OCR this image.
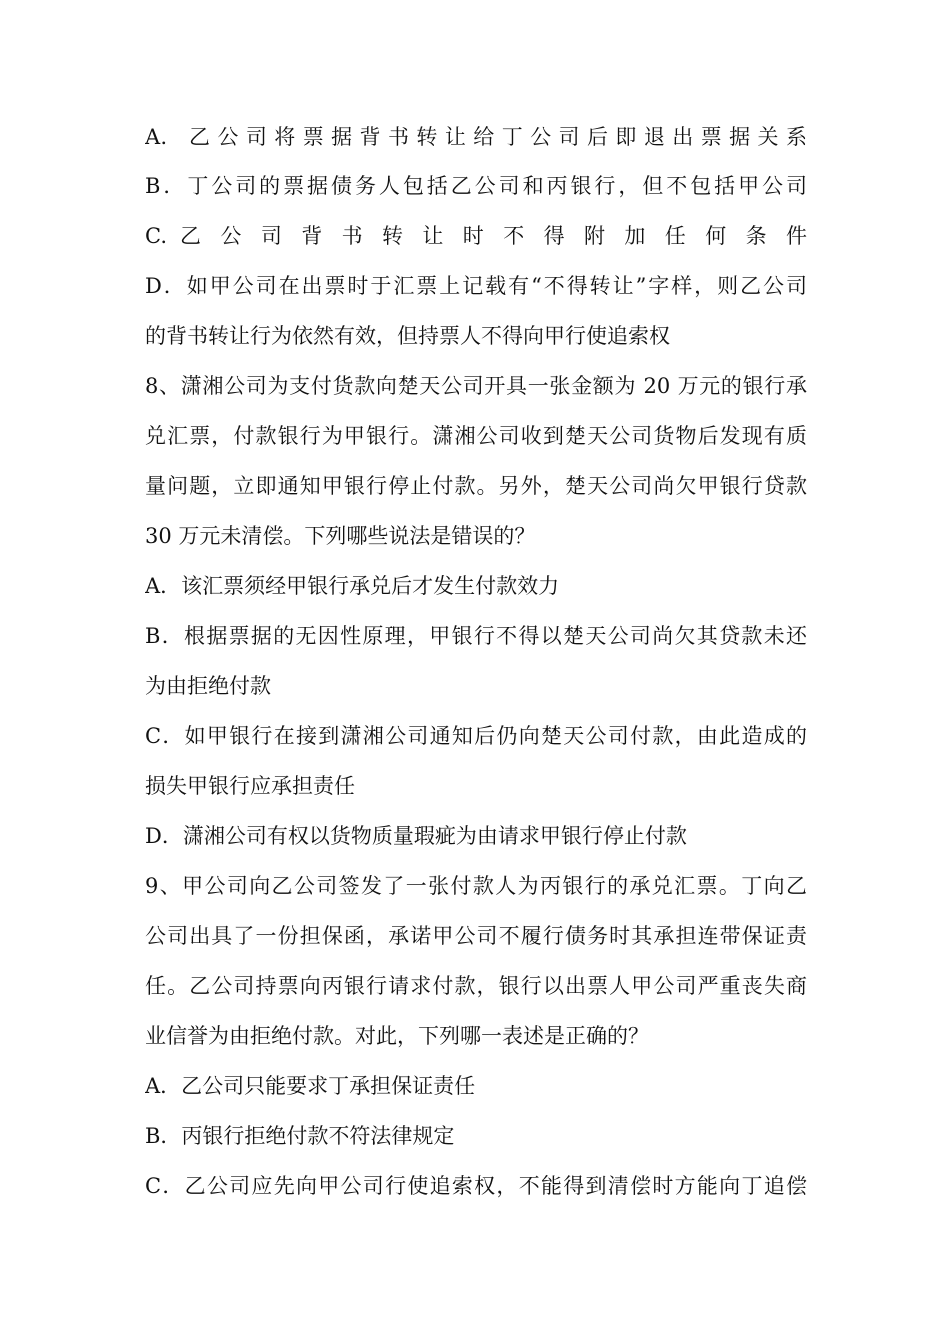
A． 乙 公 司 将 票 据 背 书 转 让 给 丁 公 司 后 即 退 出 票 据 关 系
B．丁公司的票据债务人包括乙公司和丙银行，但不包括甲公司
C. 乙 公 司 背 书 转 让 时 不 得 附 加 任 何 条 件
D．如甲公司在出票时于汇票上记载有“不得转让”字样，则乙公司
的背书转让行为依然有效，但持票人不得向甲行使追索权
8、潇湘公司为支付货款向楚天公司开具一张金额为 20 万元的银行承
兑汇票，付款银行为甲银行。潇湘公司收到楚天公司货物后发现有质
量问题，立即通知甲银行停止付款。另外，楚天公司尚欠甲银行贷款
30 万元未清偿。下列哪些说法是错误的？
A．该汇票须经甲银行承兑后才发生付款效力
B．根据票据的无因性原理，甲银行不得以楚天公司尚欠其贷款未还
为由拒绝付款
C．如甲银行在接到潇湘公司通知后仍向楚天公司付款，由此造成的
损失甲银行应承担责任
D．潇湘公司有权以货物质量瑕疵为由请求甲银行停止付款
9、甲公司向乙公司签发了一张付款人为丙银行的承兑汇票。丁向乙
公司出具了一份担保函，承诺甲公司不履行债务时其承担连带保证责
任。乙公司持票向丙银行请求付款，银行以出票人甲公司严重丧失商
业信誉为由拒绝付款。对此，下列哪一表述是正确的？
A．乙公司只能要求丁承担保证责任
B．丙银行拒绝付款不符法律规定
C．乙公司应先向甲公司行使追索权，不能得到清偿时方能向丁追偿
